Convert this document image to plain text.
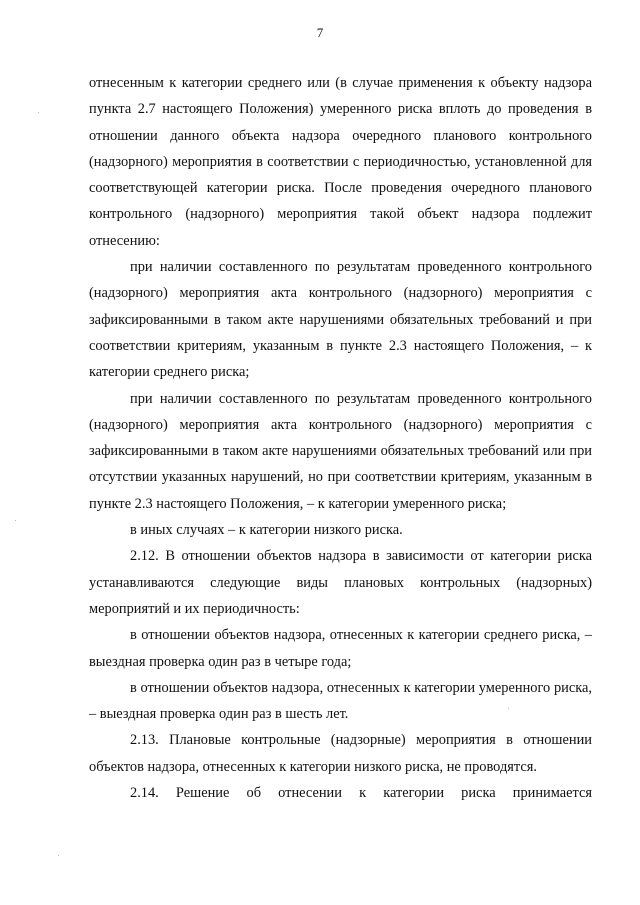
7

отнесенным к категории среднего или (в случае применения к объекту надзора пункта 2.7 настоящего Положения) умеренного риска вплоть до проведения в отношении данного объекта надзора очередного планового контрольного (надзорного) мероприятия в соответствии с периодичностью, установленной для соответствующей категории риска. После проведения очередного планового контрольного (надзорного) мероприятия такой объект надзора подлежит отнесению:

при наличии составленного по результатам проведенного контрольного (надзорного) мероприятия акта контрольного (надзорного) мероприятия с зафиксированными в таком акте нарушениями обязательных требований и при соответствии критериям, указанным в пункте 2.3 настоящего Положения, – к категории среднего риска;

при наличии составленного по результатам проведенного контрольного (надзорного) мероприятия акта контрольного (надзорного) мероприятия с зафиксированными в таком акте нарушениями обязательных требований или при отсутствии указанных нарушений, но при соответствии критериям, указанным в пункте 2.3 настоящего Положения, – к категории умеренного риска;

в иных случаях – к категории низкого риска.

2.12. В отношении объектов надзора в зависимости от категории риска устанавливаются следующие виды плановых контрольных (надзорных) мероприятий и их периодичность:

в отношении объектов надзора, отнесенных к категории среднего риска, – выездная проверка один раз в четыре года;

в отношении объектов надзора, отнесенных к категории умеренного риска, – выездная проверка один раз в шесть лет.

2.13. Плановые контрольные (надзорные) мероприятия в отношении объектов надзора, отнесенных к категории низкого риска, не проводятся.

2.14. Решение об отнесении к категории риска принимается
